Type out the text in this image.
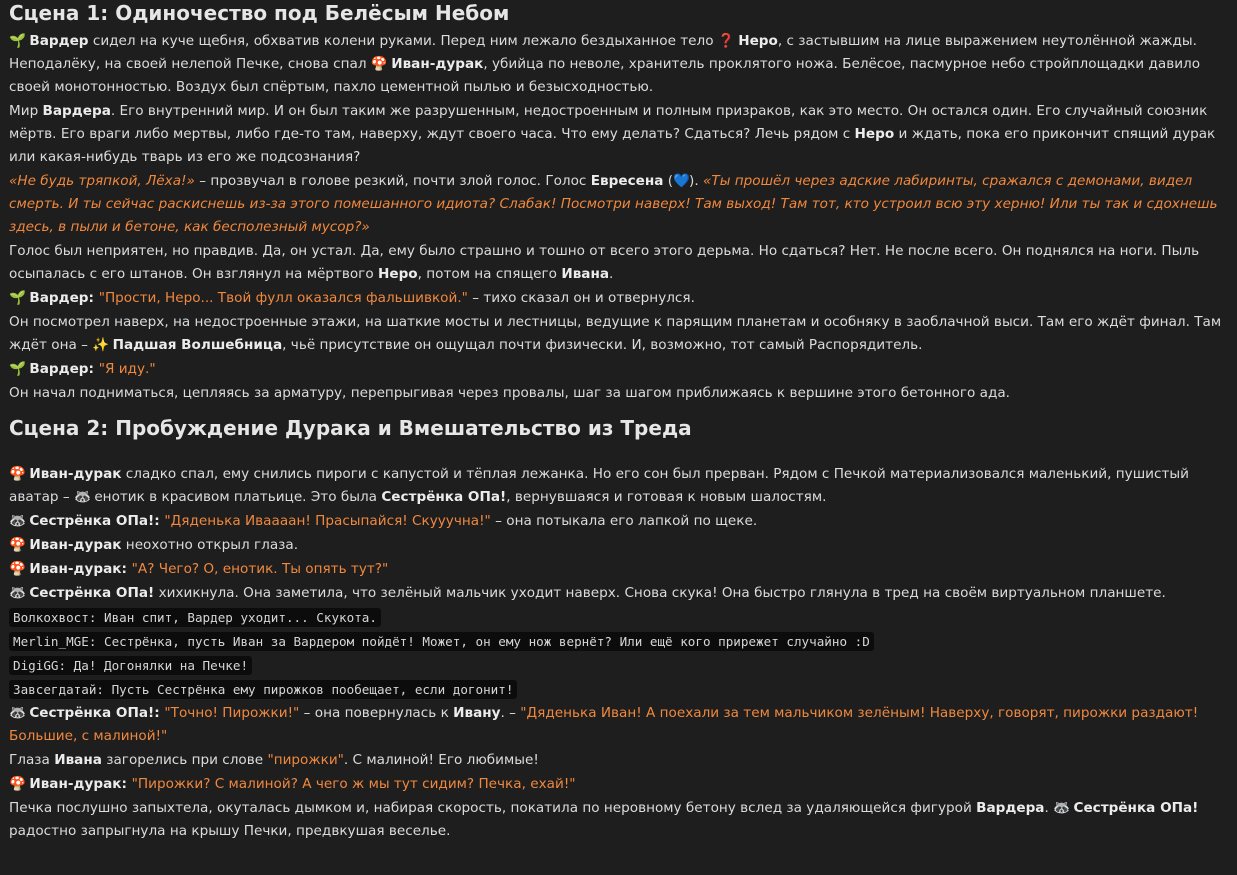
Сцена 1: Одиночество под Белёсым Небом

🌱 Вардер сидел на куче щебня, обхватив колени руками. Перед ним лежало бездыханное тело ❓ Неро, с застывшим на лице выражением неутолённой жажды. Неподалёку, на своей нелепой Печке, снова спал 🍄 Иван-дурак, убийца по неволе, хранитель проклятого ножа. Белёсое, пасмурное небо стройплощадки давило своей монотонностью. Воздух был спёртым, пахло цементной пылью и безысходностью.

Мир Вардера. Его внутренний мир. И он был таким же разрушенным, недостроенным и полным призраков, как это место. Он остался один. Его случайный союзник мёртв. Его враги либо мертвы, либо где-то там, наверху, ждут своего часа. Что ему делать? Сдаться? Лечь рядом с Неро и ждать, пока его прикончит спящий дурак или какая-нибудь тварь из его же подсознания?

«Не будь тряпкой, Лёха!» – прозвучал в голове резкий, почти злой голос. Голос Евресена (💙). «Ты прошёл через адские лабиринты, сражался с демонами, видел смерть. И ты сейчас раскиснешь из-за этого помешанного идиота? Слабак! Посмотри наверх! Там выход! Там тот, кто устроил всю эту херню! Или ты так и сдохнешь здесь, в пыли и бетоне, как бесполезный мусор?»

Голос был неприятен, но правдив. Да, он устал. Да, ему было страшно и тошно от всего этого дерьма. Но сдаться? Нет. Не после всего. Он поднялся на ноги. Пыль осыпалась с его штанов. Он взглянул на мёртвого Неро, потом на спящего Ивана.

🌱 Вардер: "Прости, Неро... Твой фулл оказался фальшивкой." – тихо сказал он и отвернулся.

Он посмотрел наверх, на недостроенные этажи, на шаткие мосты и лестницы, ведущие к парящим планетам и особняку в заоблачной выси. Там его ждёт финал. Там ждёт она – ✨ Падшая Волшебница, чьё присутствие он ощущал почти физически. И, возможно, тот самый Распорядитель.

🌱 Вардер: "Я иду."

Он начал подниматься, цепляясь за арматуру, перепрыгивая через провалы, шаг за шагом приближаясь к вершине этого бетонного ада.

Сцена 2: Пробуждение Дурака и Вмешательство из Треда

🍄 Иван-дурак сладко спал, ему снились пироги с капустой и тёплая лежанка. Но его сон был прерван. Рядом с Печкой материализовался маленький, пушистый аватар – 🦝 енотик в красивом платьице. Это была Сестрёнка ОПа!, вернувшаяся и готовая к новым шалостям.

🦝 Сестрёнка ОПа!: "Дяденька Иваааан! Прасыпайся! Скууучна!" – она потыкала его лапкой по щеке.

🍄 Иван-дурак неохотно открыл глаза.

🍄 Иван-дурак: "А? Чего? О, енотик. Ты опять тут?"

🦝 Сестрёнка ОПа! хихикнула. Она заметила, что зелёный мальчик уходит наверх. Снова скука! Она быстро глянула в тред на своём виртуальном планшете.

Волкохвост: Иван спит, Вардер уходит... Скукота.
Merlin_MGE: Сестрёнка, пусть Иван за Вардером пойдёт! Может, он ему нож вернёт? Или ещё кого прирежет случайно :D
DigiGG: Да! Догонялки на Печке!
Завсегдатай: Пусть Сестрёнка ему пирожков пообещает, если догонит!

🦝 Сестрёнка ОПа!: "Точно! Пирожки!" – она повернулась к Ивану. – "Дяденька Иван! А поехали за тем мальчиком зелёным! Наверху, говорят, пирожки раздают! Большие, с малиной!"

Глаза Ивана загорелись при слове "пирожки". С малиной! Его любимые!

🍄 Иван-дурак: "Пирожки? С малиной? А чего ж мы тут сидим? Печка, ехай!"

Печка послушно запыхтела, окуталась дымком и, набирая скорость, покатила по неровному бетону вслед за удаляющейся фигурой Вардера. 🦝 Сестрёнка ОПа! радостно запрыгнула на крышу Печки, предвкушая веселье.
